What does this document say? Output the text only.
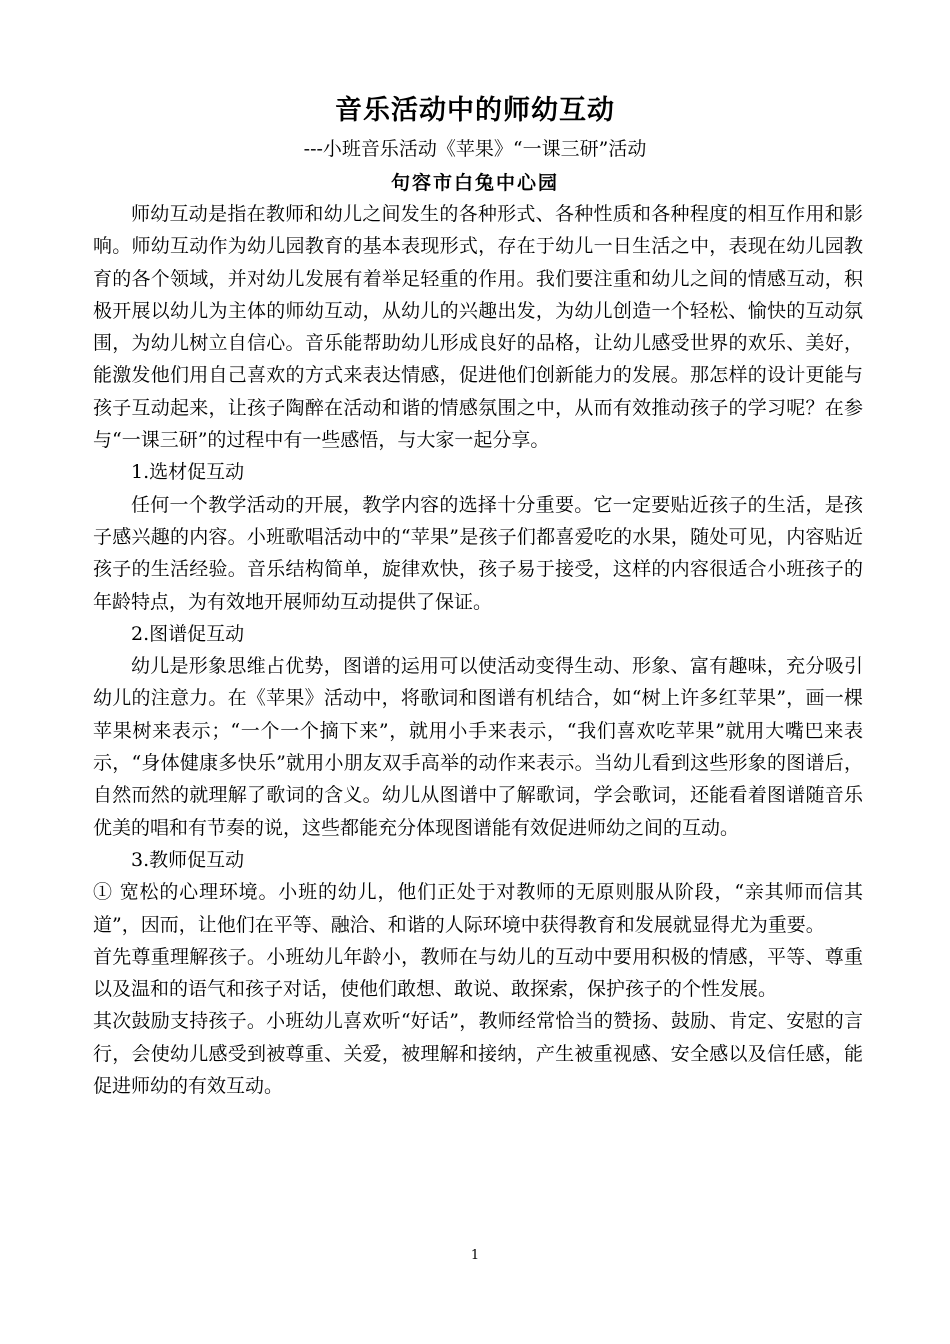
音乐活动中的师幼互动
---小班音乐活动《苹果》“一课三研”活动
句容市白兔中心园

师幼互动是指在教师和幼儿之间发生的各种形式、各种性质和各种程度的相互作用和影响。师幼互动作为幼儿园教育的基本表现形式，存在于幼儿一日生活之中，表现在幼儿园教育的各个领域，并对幼儿发展有着举足轻重的作用。我们要注重和幼儿之间的情感互动，积极开展以幼儿为主体的师幼互动，从幼儿的兴趣出发，为幼儿创造一个轻松、愉快的互动氛围，为幼儿树立自信心。音乐能帮助幼儿形成良好的品格，让幼儿感受世界的欢乐、美好，能激发他们用自己喜欢的方式来表达情感，促进他们创新能力的发展。那怎样的设计更能与孩子互动起来，让孩子陶醉在活动和谐的情感氛围之中，从而有效推动孩子的学习呢？在参与“一课三研”的过程中有一些感悟，与大家一起分享。

1.选材促互动

任何一个教学活动的开展，教学内容的选择十分重要。它一定要贴近孩子的生活，是孩子感兴趣的内容。小班歌唱活动中的“苹果”是孩子们都喜爱吃的水果，随处可见，内容贴近孩子的生活经验。音乐结构简单，旋律欢快，孩子易于接受，这样的内容很适合小班孩子的年龄特点，为有效地开展师幼互动提供了保证。

2.图谱促互动

幼儿是形象思维占优势，图谱的运用可以使活动变得生动、形象、富有趣味，充分吸引幼儿的注意力。在《苹果》活动中，将歌词和图谱有机结合，如“树上许多红苹果”，画一棵苹果树来表示；“一个一个摘下来”，就用小手来表示，“我们喜欢吃苹果”就用大嘴巴来表示，“身体健康多快乐”就用小朋友双手高举的动作来表示。当幼儿看到这些形象的图谱后，自然而然的就理解了歌词的含义。幼儿从图谱中了解歌词，学会歌词，还能看着图谱随音乐优美的唱和有节奏的说，这些都能充分体现图谱能有效促进师幼之间的互动。

3.教师促互动

① 宽松的心理环境。小班的幼儿，他们正处于对教师的无原则服从阶段，“亲其师而信其道”，因而，让他们在平等、融洽、和谐的人际环境中获得教育和发展就显得尤为重要。

首先尊重理解孩子。小班幼儿年龄小，教师在与幼儿的互动中要用积极的情感，平等、尊重以及温和的语气和孩子对话，使他们敢想、敢说、敢探索，保护孩子的个性发展。

其次鼓励支持孩子。小班幼儿喜欢听“好话”，教师经常恰当的赞扬、鼓励、肯定、安慰的言行，会使幼儿感受到被尊重、关爱，被理解和接纳，产生被重视感、安全感以及信任感，能促进师幼的有效互动。

1
